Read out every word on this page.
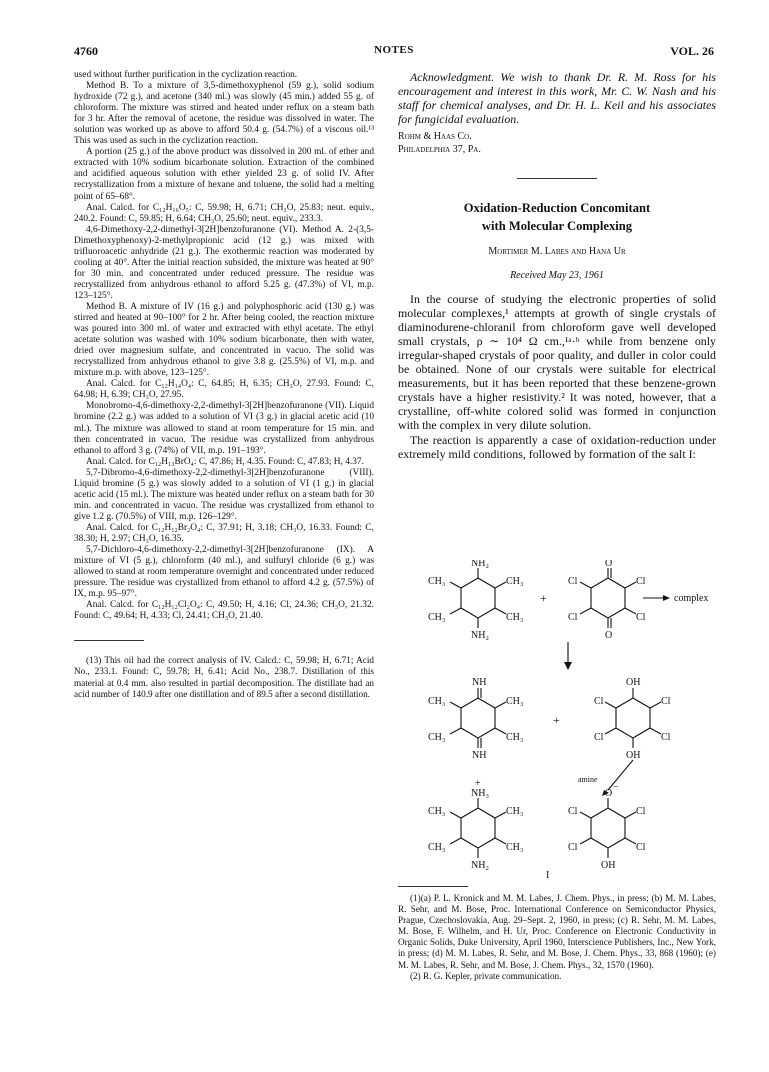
4760	NOTES	VOL. 26

used without further purification in the cyclization reaction.

Method B. To a mixture of 3,5-dimethoxyphenol (59 g.), solid sodium hydroxide (72 g.), and acetone (340 ml.) was slowly (45 min.) added 55 g. of chloroform. The mixture was stirred and heated under reflux on a steam bath for 3 hr. After the removal of acetone, the residue was dissolved in water. The solution was worked up as above to afford 50.4 g. (54.7%) of a viscous oil.¹³ This was used as such in the cyclization reaction.

A portion (25 g.) of the above product was dissolved in 200 ml. of ether and extracted with 10% sodium bicarbonate solution. Extraction of the combined and acidified aqueous solution with ether yielded 23 g. of solid IV. After recrystallization from a mixture of hexane and toluene, the solid had a melting point of 65–68°.

Anal. Calcd. for C₁₂H₁₆O₅: C, 59.98; H, 6.71; CH₃O, 25.83; neut. equiv., 240.2. Found: C, 59.85; H, 6.64; CH₃O, 25.60; neut. equiv., 233.3.

4,6-Dimethoxy-2,2-dimethyl-3[2H]benzofuranone (VI). Method A. 2-(3,5-Dimethoxyphenoxy)-2-methylpropionic acid (12 g.) was mixed with trifluoroacetic anhydride (21 g.). The exothermic reaction was moderated by cooling at 40°. After the initial reaction subsided, the mixture was heated at 90° for 30 min. and concentrated under reduced pressure. The residue was recrystallized from anhydrous ethanol to afford 5.25 g. (47.3%) of VI, m.p. 123–125°.

Method B. A mixture of IV (16 g.) and polyphosphoric acid (130 g.) was stirred and heated at 90–100° for 2 hr. After being cooled, the reaction mixture was poured into 300 ml. of water and extracted with ethyl acetate. The ethyl acetate solution was washed with 10% sodium bicarbonate, then with water, dried over magnesium sulfate, and concentrated in vacuo. The solid was recrystallized from anhydrous ethanol to give 3.8 g. (25.5%) of VI, m.p. and mixture m.p. with above, 123–125°.

Anal. Calcd. for C₁₂H₁₄O₄: C, 64.85; H, 6.35; CH₃O, 27.93. Found: C, 64.98; H, 6.39; CH₃O, 27.95.

Monobromo-4,6-dimethoxy-2,2-dimethyl-3[2H]benzofuranone (VII). Liquid bromine (2.2 g.) was added to a solution of VI (3 g.) in glacial acetic acid (10 ml.). The mixture was allowed to stand at room temperature for 15 min. and then concentrated in vacuo. The residue was crystallized from anhydrous ethanol to afford 3 g. (74%) of VII, m.p. 191–193°.

Anal. Calcd. for C₁₂H₁₃BrO₄: C, 47.86; H, 4.35. Found: C, 47.83; H, 4.37.

5,7-Dibromo-4,6-dimethoxy-2,2-dimethyl-3[2H]benzofuranone (VIII). Liquid bromine (5 g.) was slowly added to a solution of VI (1 g.) in glacial acetic acid (15 ml.). The mixture was heated under reflux on a steam bath for 30 min. and concentrated in vacuo. The residue was crystallized from ethanol to give 1.2 g. (70.5%) of VIII, m.p. 126–129°.

Anal. Calcd. for C₁₂H₁₂Br₂O₄: C, 37.91; H, 3.18; CH₃O, 16.33. Found: C, 38.30; H, 2.97; CH₃O, 16.35.

5,7-Dichloro-4,6-dimethoxy-2,2-dimethyl-3[2H]benzofuranone (IX). A mixture of VI (5 g.), chloroform (40 ml.), and sulfuryl chloride (6 g.) was allowed to stand at room temperature overnight and concentrated under reduced pressure. The residue was crystallized from ethanol to afford 4.2 g. (57.5%) of IX, m.p. 95–97°.

Anal. Calcd. for C₁₂H₁₂Cl₂O₄: C, 49.50; H, 4.16; Cl, 24.36; CH₃O, 21.32. Found: C, 49.64; H, 4.33; Cl, 24.41; CH₃O, 21.40.

(13) This oil had the correct analysis of IV. Calcd.: C, 59.98; H, 6.71; Acid No., 233.1. Found: C, 59.78; H, 6.41; Acid No., 238.7. Distillation of this material at 0.4 mm. also resulted in partial decomposition. The distillate had an acid number of 140.9 after one distillation and of 89.5 after a second distillation.

Acknowledgment. We wish to thank Dr. R. M. Ross for his encouragement and interest in this work, Mr. C. W. Nash and his staff for chemical analyses, and Dr. H. L. Keil and his associates for fungicidal evaluation.

Rohm & Haas Co.

Philadelphia 37, Pa.

Oxidation-Reduction Concomitant

with Molecular Complexing

Mortimer M. Labes and Hana Ur

Received May 23, 1961

In the course of studying the electronic properties of solid molecular complexes,¹ attempts at growth of single crystals of diaminodurene-chloranil from chloroform gave well developed small crystals, ρ ∼ 10⁴ Ω cm.,¹ᵃ·ᵇ while from benzene only irregular-shaped crystals of poor quality, and duller in color could be obtained. None of our crystals were suitable for electrical measurements, but it has been reported that these benzene-grown crystals have a higher resistivity.² It was noted, however, that a crystalline, off-white colored solid was formed in conjunction with the complex in very dilute solution.

The reaction is apparently a case of oxidation-reduction under extremely mild conditions, followed by formation of the salt I:

NH₂
NH₂
CH₃	CH₃
CH₃	CH₃
+
O
O
Cl	Cl
Cl	Cl
complex
NH
NH
CH₃	CH₃
CH₃	CH₃
+
OH
OH
Cl	Cl
Cl	Cl
amine
+
NH₃
NH₂
CH₃	CH₃
CH₃	CH₃
O
−
OH
Cl	Cl
Cl	Cl
I

(1)(a) P. L. Kronick and M. M. Labes, J. Chem. Phys., in press; (b) M. M. Labes, R. Sehr, and M. Bose, Proc. International Conference on Semiconductor Physics, Prague, Czechoslovakia, Aug. 29–Sept. 2, 1960, in press; (c) R. Sehr, M. M. Labes, M. Bose, F. Wilhelm, and H. Ur, Proc. Conference on Electronic Conductivity in Organic Solids, Duke University, April 1960, Interscience Publishers, Inc., New York, in press; (d) M. M. Labes, R. Sehr, and M. Bose, J. Chem. Phys., 33, 868 (1960); (e) M. M. Labes, R. Sehr, and M. Bose, J. Chem. Phys., 32, 1570 (1960).

(2) R. G. Kepler, private communication.
